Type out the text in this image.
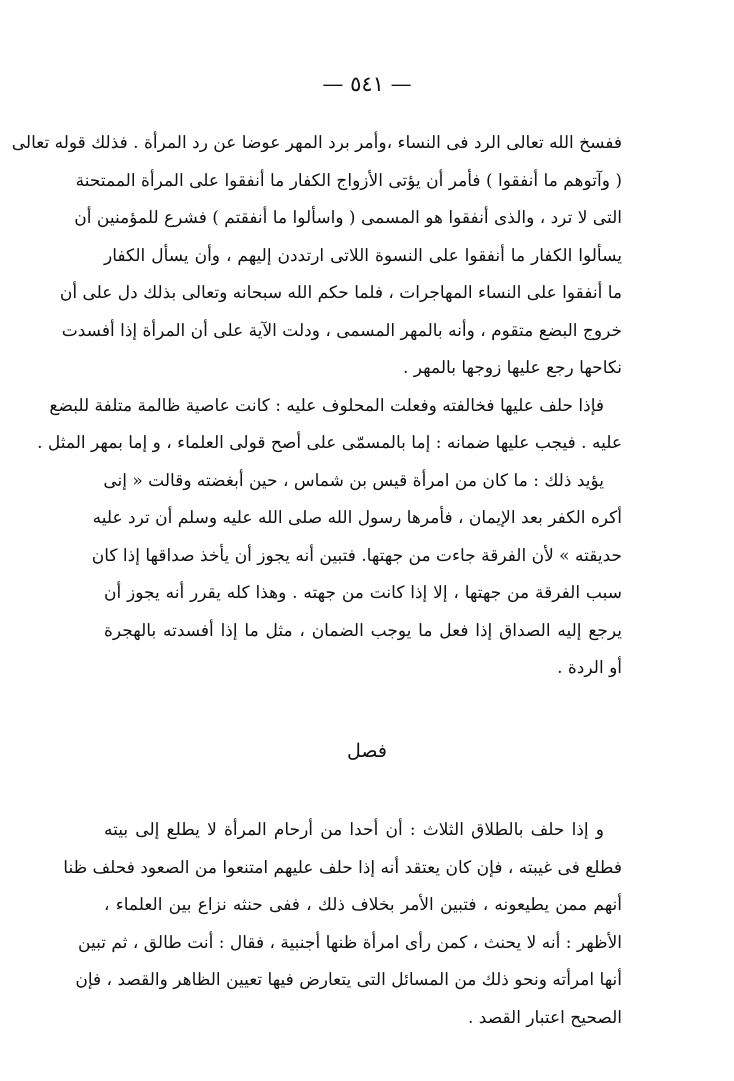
— ٥٤١ —
ففسخ الله تعالى الرد فى النساء ،وأمر برد المهر عوضا عن رد المرأة . فذلك قوله تعالى
( وآتوهم ما أنفقوا ) فأمر أن يؤتى الأزواج الكفار ما أنفقوا على المرأة الممتحنة
التى لا ترد ، والذى أنفقوا هو المسمى ( واسألوا ما أنفقتم ) فشرع للمؤمنين أن
يسألوا الكفار ما أنفقوا على النسوة اللاتى ارتددن إليهم ، وأن يسأل الكفار
ما أنفقوا على النساء المهاجرات ، فلما حكم الله سبحانه وتعالى بذلك دل على أن
خروج البضع متقوم ، وأنه بالمهر المسمى ، ودلت الآية على أن المرأة إذا أفسدت
نكاحها رجع عليها زوجها بالمهر .
فإذا حلف عليها فخالفته وفعلت المحلوف عليه : كانت عاصية ظالمة متلفة للبضع
عليه . فيجب عليها ضمانه : إما بالمسمّى على أصح قولى العلماء ، و إما بمهر المثل .
يؤيد ذلك : ما كان من امرأة قيس بن شماس ، حين أبغضته وقالت « إنى
أكره الكفر بعد الإيمان ، فأمرها رسول الله صلى الله عليه وسلم أن ترد عليه
حديقته » لأن الفرقة جاءت من جهتها. فتبين أنه يجوز أن يأخذ صداقها إذا كان
سبب الفرقة من جهتها ، إلا إذا كانت من جهته . وهذا كله يقرر أنه يجوز أن
يرجع إليه الصداق إذا فعل ما يوجب الضمان ، مثل ما إذا أفسدته بالهجرة
أو الردة .
فصل
و إذا حلف بالطلاق الثلاث : أن أحدا من أرحام المرأة لا يطلع إلى بيته
فطلع فى غيبته ، فإن كان يعتقد أنه إذا حلف عليهم امتنعوا من الصعود فحلف ظنا
أنهم ممن يطيعونه ، فتبين الأمر بخلاف ذلك ، ففى حنثه نزاع بين العلماء ،
الأظهر : أنه لا يحنث ، كمن رأى امرأة ظنها أجنبية ، فقال : أنت طالق ، ثم تبين
أنها امرأته ونحو ذلك من المسائل التى يتعارض فيها تعيين الظاهر والقصد ، فإن
الصحيح اعتبار القصد .
